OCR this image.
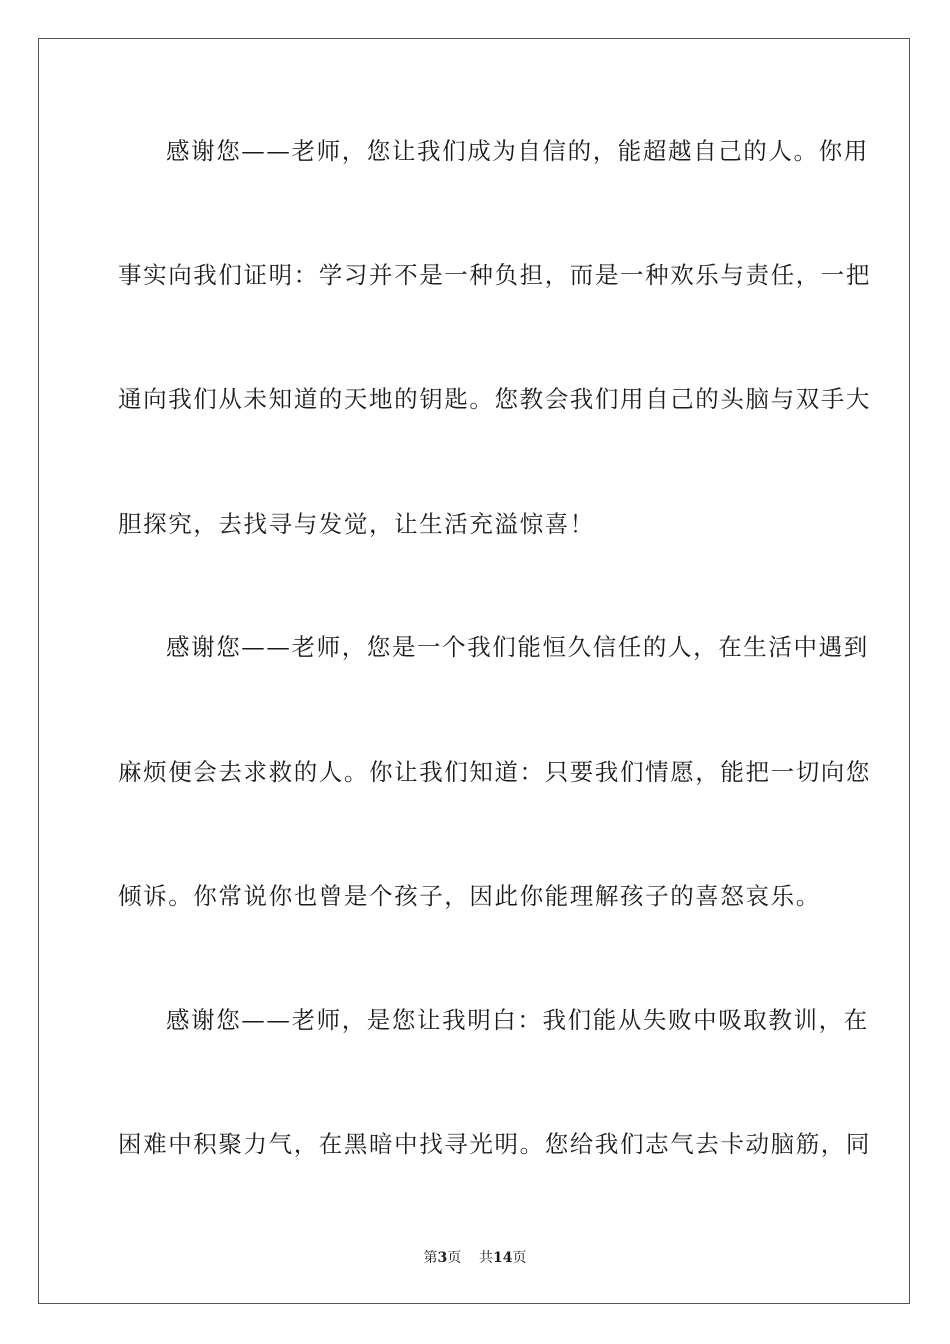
感谢您——老师，您让我们成为自信的，能超越自己的人。你用
事实向我们证明：学习并不是一种负担，而是一种欢乐与责任，一把
通向我们从未知道的天地的钥匙。您教会我们用自己的头脑与双手大
胆探究，去找寻与发觉，让生活充溢惊喜！
感谢您——老师，您是一个我们能恒久信任的人，在生活中遇到
麻烦便会去求救的人。你让我们知道：只要我们情愿，能把一切向您
倾诉。你常说你也曾是个孩子，因此你能理解孩子的喜怒哀乐。
感谢您——老师，是您让我明白：我们能从失败中吸取教训，在
困难中积聚力气，在黑暗中找寻光明。您给我们志气去卡动脑筋，同
第3页 共14页
